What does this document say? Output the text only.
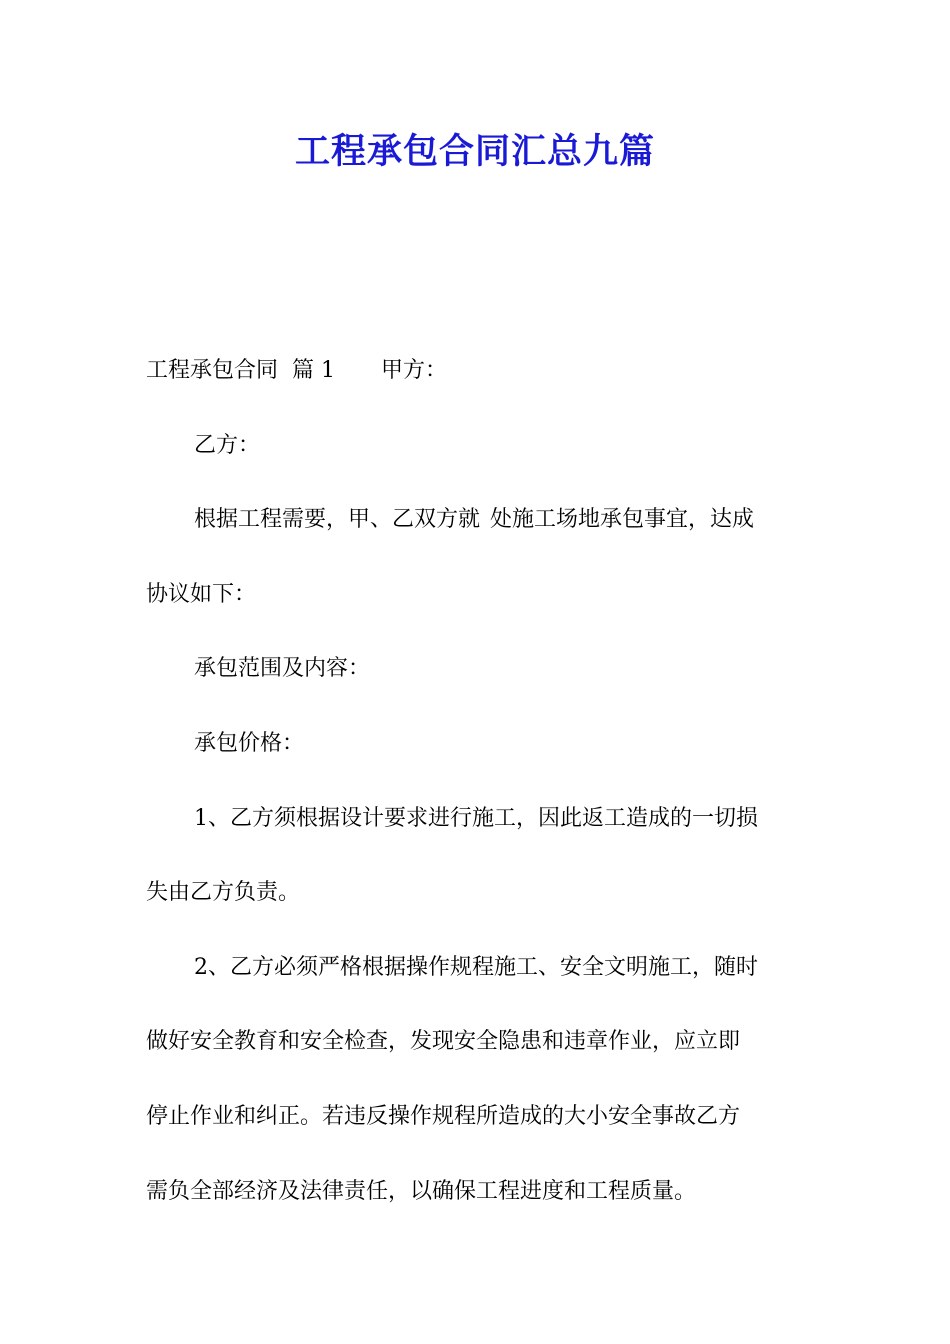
工程承包合同汇总九篇

工程承包合同 篇 1 甲方：

乙方：

根据工程需要，甲、乙双方就 处施工场地承包事宜，达成

协议如下：

承包范围及内容：

承包价格：

1、乙方须根据设计要求进行施工，因此返工造成的一切损

失由乙方负责。

2、乙方必须严格根据操作规程施工、安全文明施工，随时

做好安全教育和安全检查，发现安全隐患和违章作业，应立即

停止作业和纠正。若违反操作规程所造成的大小安全事故乙方

需负全部经济及法律责任，以确保工程进度和工程质量。
